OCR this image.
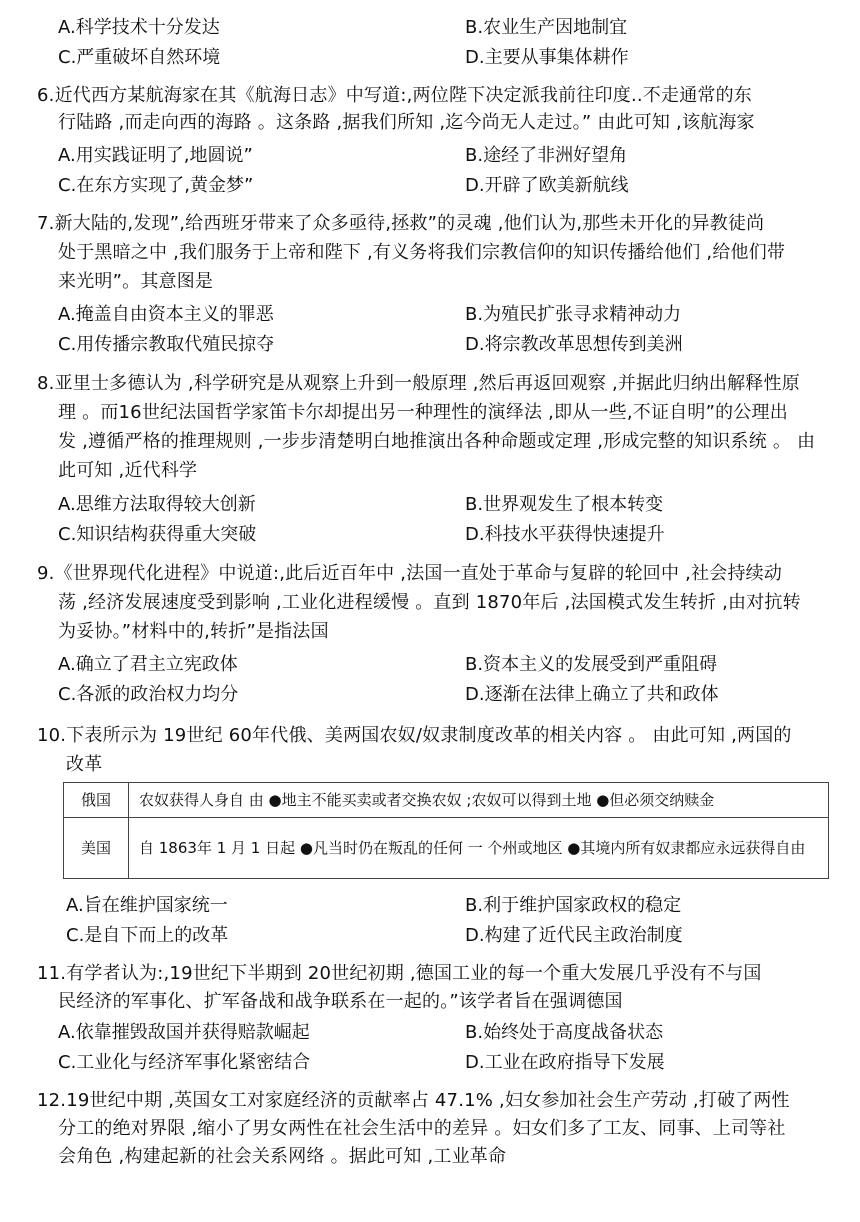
A.科学技术十分发达	B.农业生产因地制宜
C.严重破坏自然环境	D.主要从事集体耕作
6.近代西方某航海家在其《航海日志》中写道:,两位陛下决定派我前往印度..不走通常的东
行陆路 ,而走向西的海路 。这条路 ,据我们所知 ,迄今尚无人走过。” 由此可知 ,该航海家
A.用实践证明了,地圆说”	B.途经了非洲好望角
C.在东方实现了,黄金梦”	D.开辟了欧美新航线
7.新大陆的,发现”,给西班牙带来了众多亟待,拯救”的灵魂 ,他们认为,那些未开化的异教徒尚
处于黑暗之中 ,我们服务于上帝和陛下 ,有义务将我们宗教信仰的知识传播给他们 ,给他们带
来光明”。其意图是
A.掩盖自由资本主义的罪恶	B.为殖民扩张寻求精神动力
C.用传播宗教取代殖民掠夺	D.将宗教改革思想传到美洲
8.亚里士多德认为 ,科学研究是从观察上升到一般原理 ,然后再返回观察 ,并据此归纳出解释性原
理 。而16世纪法国哲学家笛卡尔却提出另一种理性的演绎法 ,即从一些,不证自明”的公理出
发 ,遵循严格的推理规则 ,一步步清楚明白地推演出各种命题或定理 ,形成完整的知识系统 。 由
此可知 ,近代科学
A.思维方法取得较大创新	B.世界观发生了根本转变
C.知识结构获得重大突破	D.科技水平获得快速提升
9.《世界现代化进程》中说道:,此后近百年中 ,法国一直处于革命与复辟的轮回中 ,社会持续动
荡 ,经济发展速度受到影响 ,工业化进程缓慢 。直到 1870年后 ,法国模式发生转折 ,由对抗转
为妥协。”材料中的,转折”是指法国
A.确立了君主立宪政体	B.资本主义的发展受到严重阻碍
C.各派的政治权力均分	D.逐渐在法律上确立了共和政体
10.下表所示为 19世纪 60年代俄、美两国农奴/奴隶制度改革的相关内容 。 由此可知 ,两国的
改革
俄国	农奴获得人身自 由 ●地主不能买卖或者交换农奴 ;农奴可以得到土地 ●但必须交纳赎金
美国	自 1863年 1 月 1 日起 ●凡当时仍在叛乱的任何 一 个州或地区 ●其境内所有奴隶都应永远获得自由
A.旨在维护国家统一	B.利于维护国家政权的稳定
C.是自下而上的改革	D.构建了近代民主政治制度
11.有学者认为:,19世纪下半期到 20世纪初期 ,德国工业的每一个重大发展几乎没有不与国
民经济的军事化、扩军备战和战争联系在一起的。”该学者旨在强调德国
A.依靠摧毁敌国并获得赔款崛起	B.始终处于高度战备状态
C.工业化与经济军事化紧密结合	D.工业在政府指导下发展
12.19世纪中期 ,英国女工对家庭经济的贡献率占 47.1% ,妇女参加社会生产劳动 ,打破了两性
分工的绝对界限 ,缩小了男女两性在社会生活中的差异 。妇女们多了工友、同事、上司等社
会角色 ,构建起新的社会关系网络 。据此可知 ,工业革命
